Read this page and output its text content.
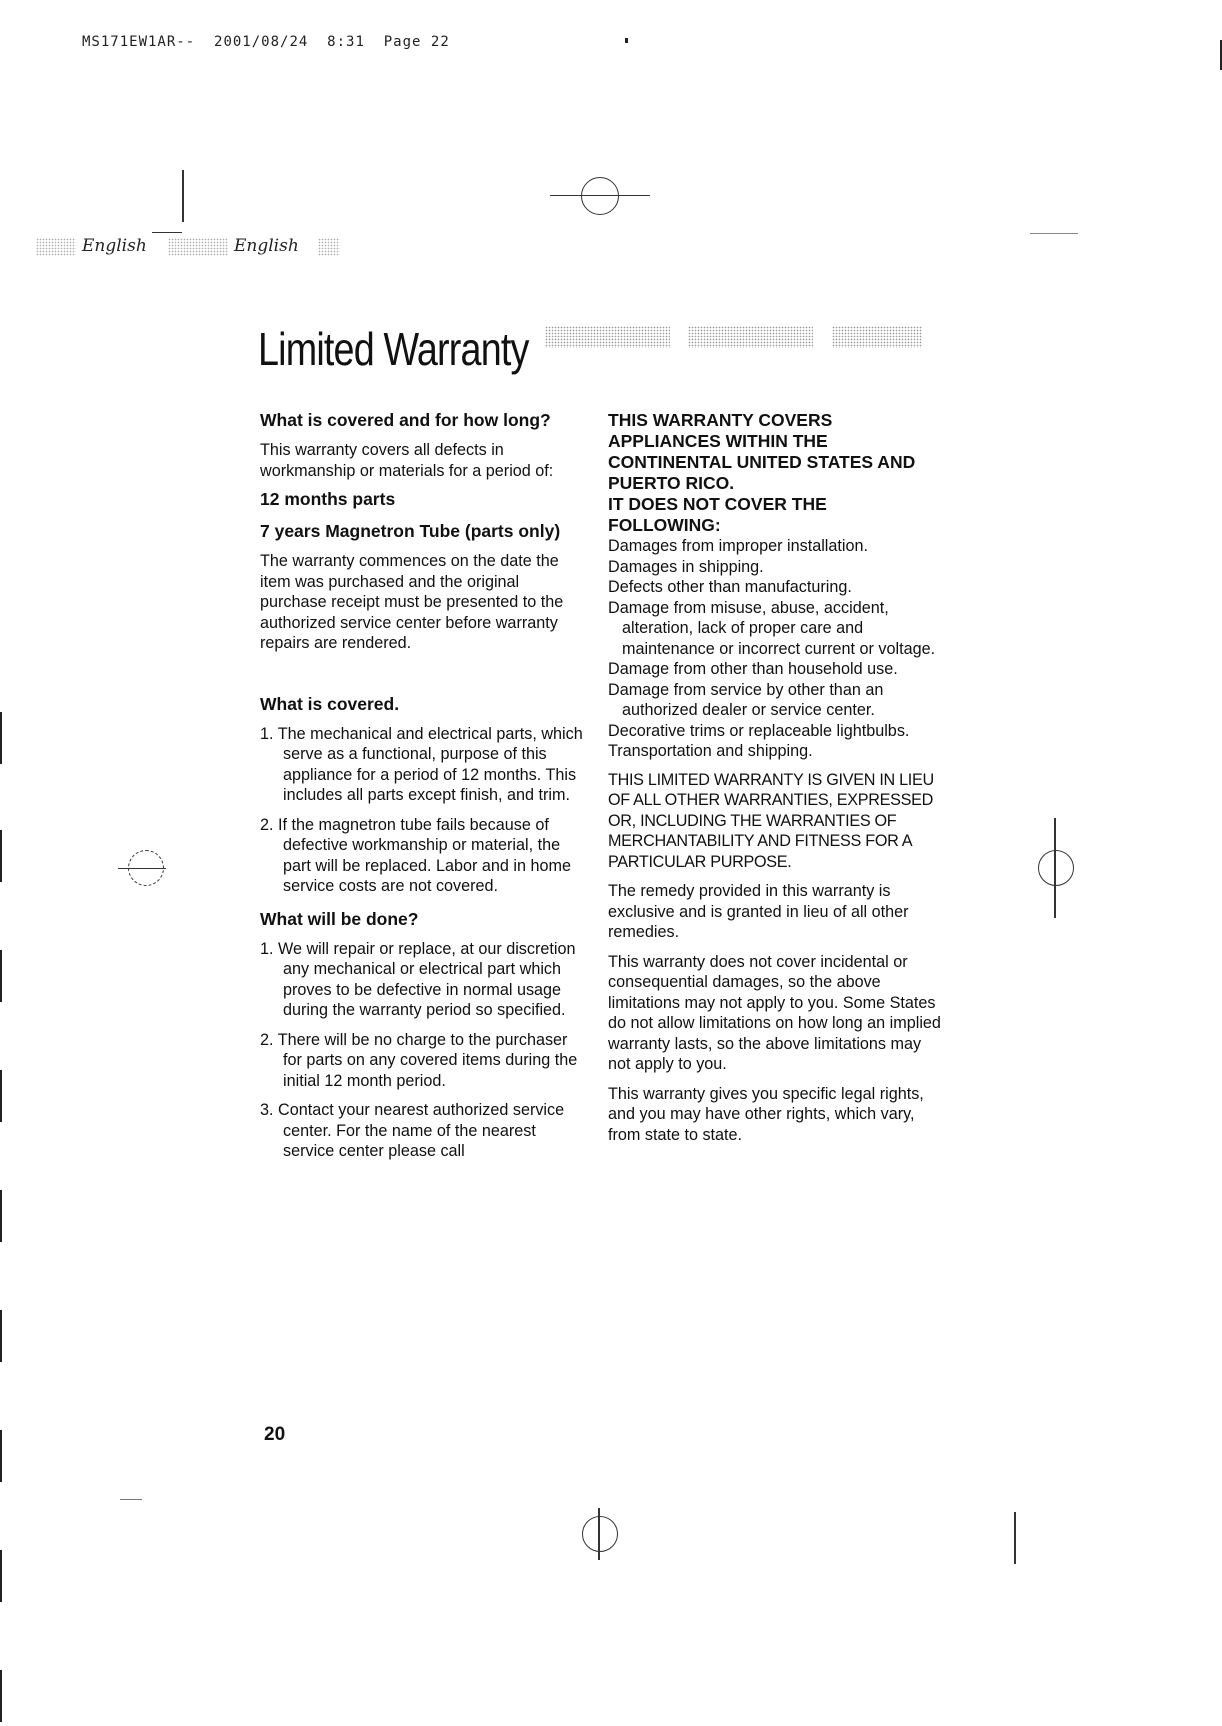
MS171EW1AR-- 2001/08/24 8:31 Page 22
English	English
Limited Warranty

What is covered and for how long?

This warranty covers all defects in workmanship or materials for a period of:

12 months parts

7 years Magnetron Tube (parts only)

The warranty commences on the date the item was purchased and the original purchase receipt must be presented to the authorized service center before warranty repairs are rendered.

What is covered.

1. The mechanical and electrical parts, which serve as a functional, purpose of this appliance for a period of 12 months. This includes all parts except finish, and trim.

2. If the magnetron tube fails because of defective workmanship or material, the part will be replaced. Labor and in home service costs are not covered.

What will be done?

1. We will repair or replace, at our discretion any mechanical or electrical part which proves to be defective in normal usage during the warranty period so specified.

2. There will be no charge to the purchaser for parts on any covered items during the initial 12 month period.

3. Contact your nearest authorized service center. For the name of the nearest service center please call

THIS WARRANTY COVERS APPLIANCES WITHIN THE CONTINENTAL UNITED STATES AND PUERTO RICO.

IT DOES NOT COVER THE FOLLOWING:

Damages from improper installation.

Damages in shipping.

Defects other than manufacturing.

Damage from misuse, abuse, accident, alteration, lack of proper care and maintenance or incorrect current or voltage.

Damage from other than household use.

Damage from service by other than an authorized dealer or service center.

Decorative trims or replaceable lightbulbs.

Transportation and shipping.

THIS LIMITED WARRANTY IS GIVEN IN LIEU OF ALL OTHER WARRANTIES, EXPRESSED OR, INCLUDING THE WARRANTIES OF MERCHANTABILITY AND FITNESS FOR A PARTICULAR PURPOSE.

The remedy provided in this warranty is exclusive and is granted in lieu of all other remedies.

This warranty does not cover incidental or consequential damages, so the above limitations may not apply to you. Some States do not allow limitations on how long an implied warranty lasts, so the above limitations may not apply to you.

This warranty gives you specific legal rights, and you may have other rights, which vary, from state to state.

20
